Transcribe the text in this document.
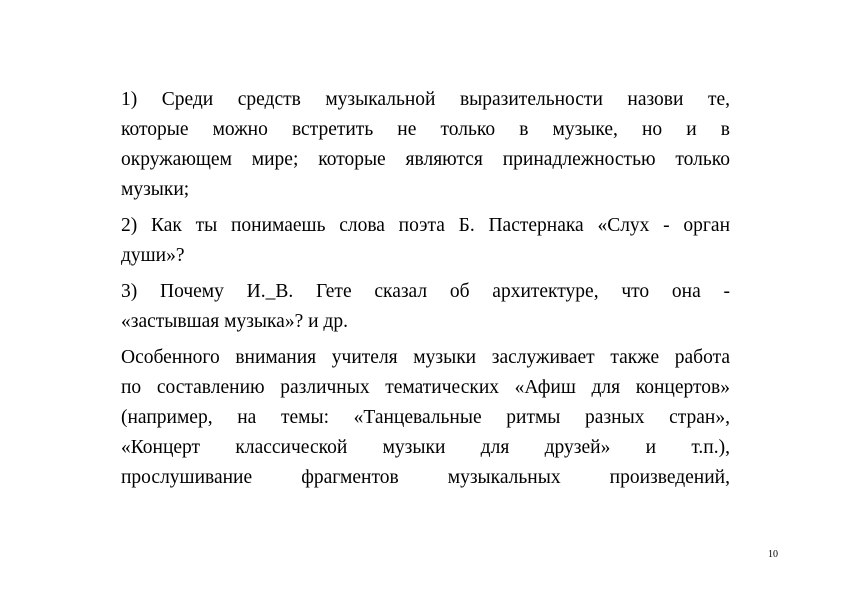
1) Среди средств музыкальной выразительности назови те,
которые можно встретить не только в музыке, но и в
окружающем мире; которые являются принадлежностью только
музыки;

2) Как ты понимаешь слова поэта Б. Пастернака «Слух - орган
души»?

3) Почему И._В. Гете сказал об архитектуре, что она -
«застывшая музыка»? и др.

Особенного внимания учителя музыки заслуживает также работа
по составлению различных тематических «Афиш для концертов»
(например, на темы: «Танцевальные ритмы разных стран»,
«Концерт классической музыки для друзей» и т.п.),
прослушивание фрагментов музыкальных произведений,

10
